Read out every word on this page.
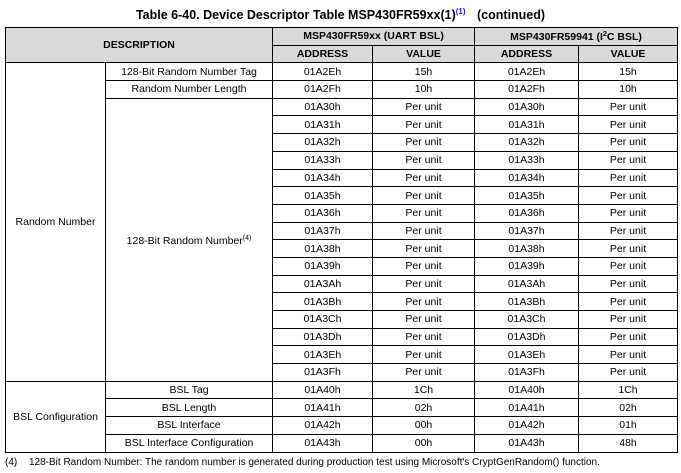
Table 6-40. Device Descriptor Table $MSP430FR59xx(1)^{(1)}$ (continued)
DESCRIPTION		MSP430FR59xx (UART BSL)		MSP430FR59941 ($I^2C$ BSL)	
		ADDRESS	VALUE	ADDRESS	VALUE
Random Number	128-Bit Random Number Tag	01A2Eh	15h	01A2Eh	15h
	Random Number Length	01A2Fh	10h	01A2Fh	10h
	128-Bit Random Number$^{(4)}$	01A30h	Per unit	01A30h	Per unit
		01A31h	Per unit	01A31h	Per unit
		01A32h	Per unit	01A32h	Per unit
		01A33h	Per unit	01A33h	Per unit
		01A34h	Per unit	01A34h	Per unit
		01A35h	Per unit	01A35h	Per unit
		01A36h	Per unit	01A36h	Per unit
		01A37h	Per unit	01A37h	Per unit
		01A38h	Per unit	01A38h	Per unit
		01A39h	Per unit	01A39h	Per unit
		01A3Ah	Per unit	01A3Ah	Per unit
		01A3Bh	Per unit	01A3Bh	Per unit
		01A3Ch	Per unit	01A3Ch	Per unit
		01A3Dh	Per unit	01A3Dh	Per unit
		01A3Eh	Per unit	01A3Eh	Per unit
		01A3Fh	Per unit	01A3Fh	Per unit
BSL Configuration	BSL Tag	01A40h	1Ch	01A40h	1Ch
	BSL Length	01A41h	02h	01A41h	02h
	BSL Interface	01A42h	00h	01A42h	01h
	BSL Interface Configuration	01A43h	00h	01A43h	48h
(4) 128-Bit Random Number: The random number is generated during production test using Microsoft's CryptGenRandom() function.
